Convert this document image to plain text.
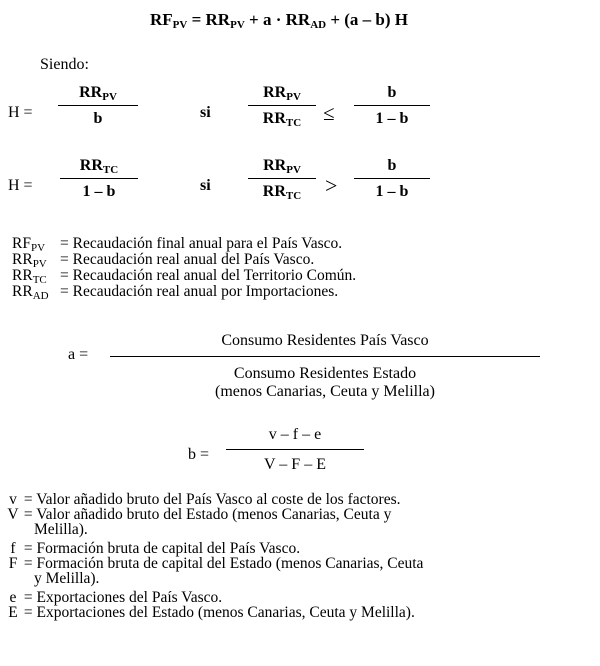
$RF_{PV} = RR_{PV} + a \cdot RR_{AD} + (a - b)$ H
Siendo:
H =
$RR_{PV}$
b	si
$RR_{PV}$
$RR_{TC}$	≤
b
1 – b
H =
$RR_{TC}$
1 – b	si
$RR_{PV}$
$RR_{TC}$	>
b
1 – b
$RF_{PV}$ = Recaudación final anual para el País Vasco.
$RR_{PV}$ = Recaudación real anual del País Vasco.
$RR_{TC}$ = Recaudación real anual del Territorio Común.
$RR_{AD}$ = Recaudación real anual por Importaciones.
a =
Consumo Residentes País Vasco
Consumo Residentes Estado
(menos Canarias, Ceuta y Melilla)
b =
v – f – e
V – F – E
v = Valor añadido bruto del País Vasco al coste de los factores.
V = Valor añadido bruto del Estado (menos Canarias, Ceuta y
Melilla).
f = Formación bruta de capital del País Vasco.
F = Formación bruta de capital del Estado (menos Canarias, Ceuta
y Melilla).
e = Exportaciones del País Vasco.
E = Exportaciones del Estado (menos Canarias, Ceuta y Melilla).
